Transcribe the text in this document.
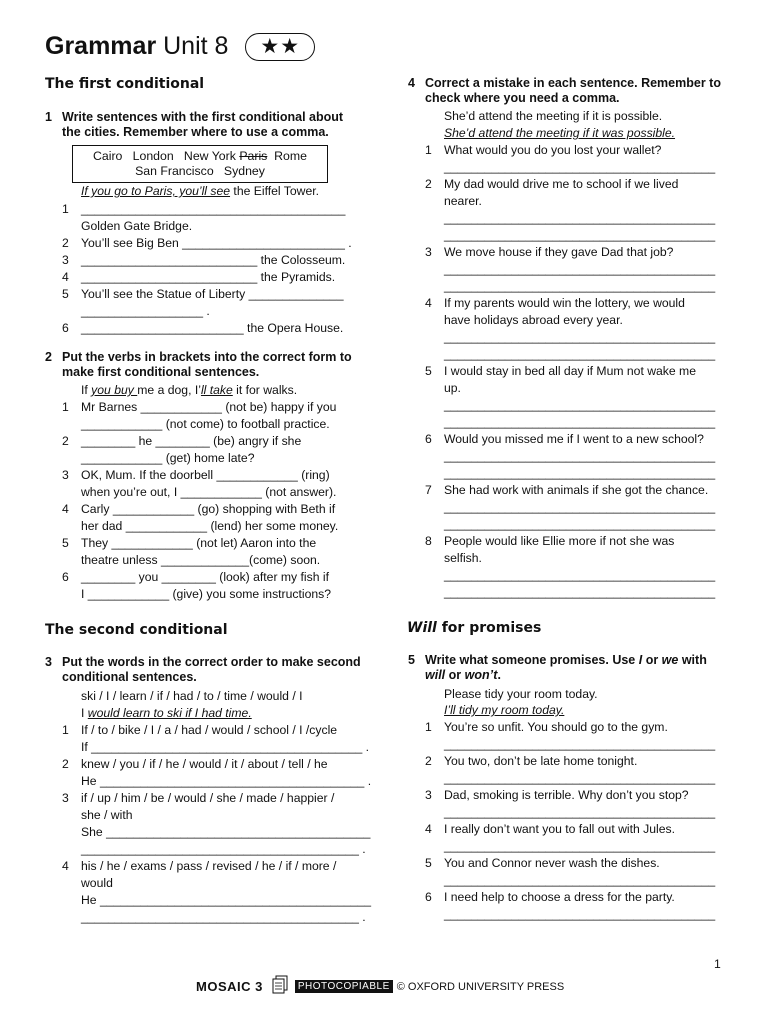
Grammar Unit 8 ★★
The first conditional
1 Write sentences with the first conditional about the cities. Remember where to use a comma.
Cairo   London   New York Paris  Rome
San Francisco   Sydney
If you go to Paris, you’ll see the Eiffel Tower.
1 _______________________________________
Golden Gate Bridge.
2 You’ll see Big Ben ________________________ .
3 __________________________ the Colosseum.
4 __________________________ the Pyramids.
5 You’ll see the Statue of Liberty ______________
__________________ .
6 ________________________ the Opera House.
2 Put the verbs in brackets into the correct form to make first conditional sentences.
If you buy me a dog, I’ll take it for walks.
1 Mr Barnes ____________ (not be) happy if you
____________ (not come) to football practice.
2 ________ he ________ (be) angry if she
____________ (get) home late?
3 OK, Mum. If the doorbell ____________ (ring)
when you’re out, I ____________ (not answer).
4 Carly ____________ (go) shopping with Beth if
her dad ____________ (lend) her some money.
5 They ____________ (not let) Aaron into the
theatre unless _____________(come) soon.
6 ________ you ________ (look) after my fish if
I ____________ (give) you some instructions?
The second conditional
3 Put the words in the correct order to make second conditional sentences.
ski / I / learn / if / had / to / time / would / I
I would learn to ski if I had time.
1 If / to / bike / I / a / had / would / school / I /cycle
If ________________________________________ .
2 knew / you / if / he / would / it / about / tell / he
He _______________________________________ .
3 if / up / him / be / would / she / made / happier /
she / with
She _______________________________________
_________________________________________ .
4 his / he / exams / pass / revised / he / if / more /
would
He ________________________________________
_________________________________________ .
4 Correct a mistake in each sentence. Remember to check where you need a comma.
She’d attend the meeting if it is possible.
She’d attend the meeting if it was possible.
1 What would you do you lost your wallet?
________________________________________
2 My dad would drive me to school if we lived
nearer.
________________________________________
________________________________________
3 We move house if they gave Dad that job?
________________________________________
________________________________________
4 If my parents would win the lottery, we would
have holidays abroad every year.
________________________________________
________________________________________
5 I would stay in bed all day if Mum not wake me
up.
________________________________________
________________________________________
6 Would you missed me if I went to a new school?
________________________________________
________________________________________
7 She had work with animals if she got the chance.
________________________________________
________________________________________
8 People would like Ellie more if not she was
selfish.
________________________________________
________________________________________
Will for promises
5 Write what someone promises. Use I or we with
will or won’t.
Please tidy your room today.
I’ll tidy my room today.
1 You’re so unfit. You should go to the gym.
________________________________________
2 You two, don’t be late home tonight.
________________________________________
3 Dad, smoking is terrible. Why don’t you stop?
________________________________________
4 I really don’t want you to fall out with Jules.
________________________________________
5 You and Connor never wash the dishes.
________________________________________
6 I need help to choose a dress for the party.
________________________________________
1
MOSAIC 3	PHOTOCOPIABLE © OXFORD UNIVERSITY PRESS
